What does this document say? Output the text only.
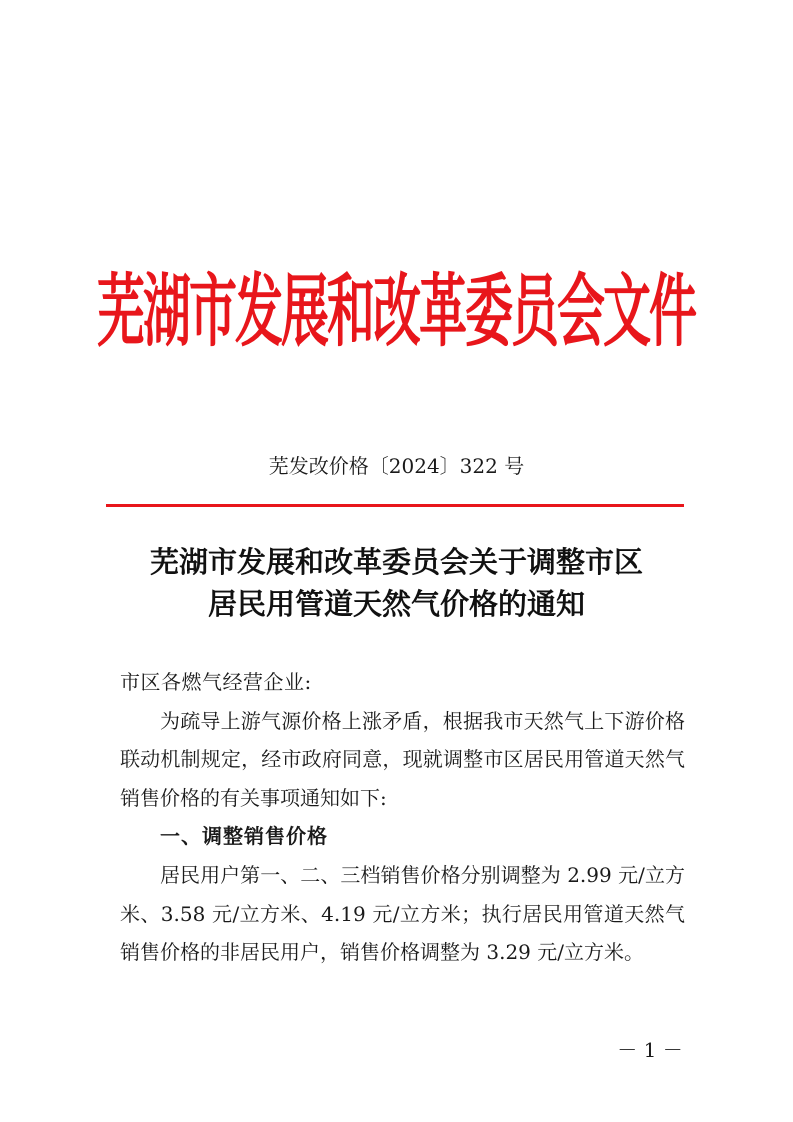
芜湖市发展和改革委员会文件
芜发改价格〔2024〕322 号
芜湖市发展和改革委员会关于调整市区
居民用管道天然气价格的通知

市区各燃气经营企业:

为疏导上游气源价格上涨矛盾，根据我市天然气上下游价格联动机制规定，经市政府同意，现就调整市区居民用管道天然气销售价格的有关事项通知如下:

一、调整销售价格

居民用户第一、二、三档销售价格分别调整为 2.99 元/立方米、3.58 元/立方米、4.19 元/立方米；执行居民用管道天然气销售价格的非居民用户，销售价格调整为 3.29 元/立方米。

－ 1 －
